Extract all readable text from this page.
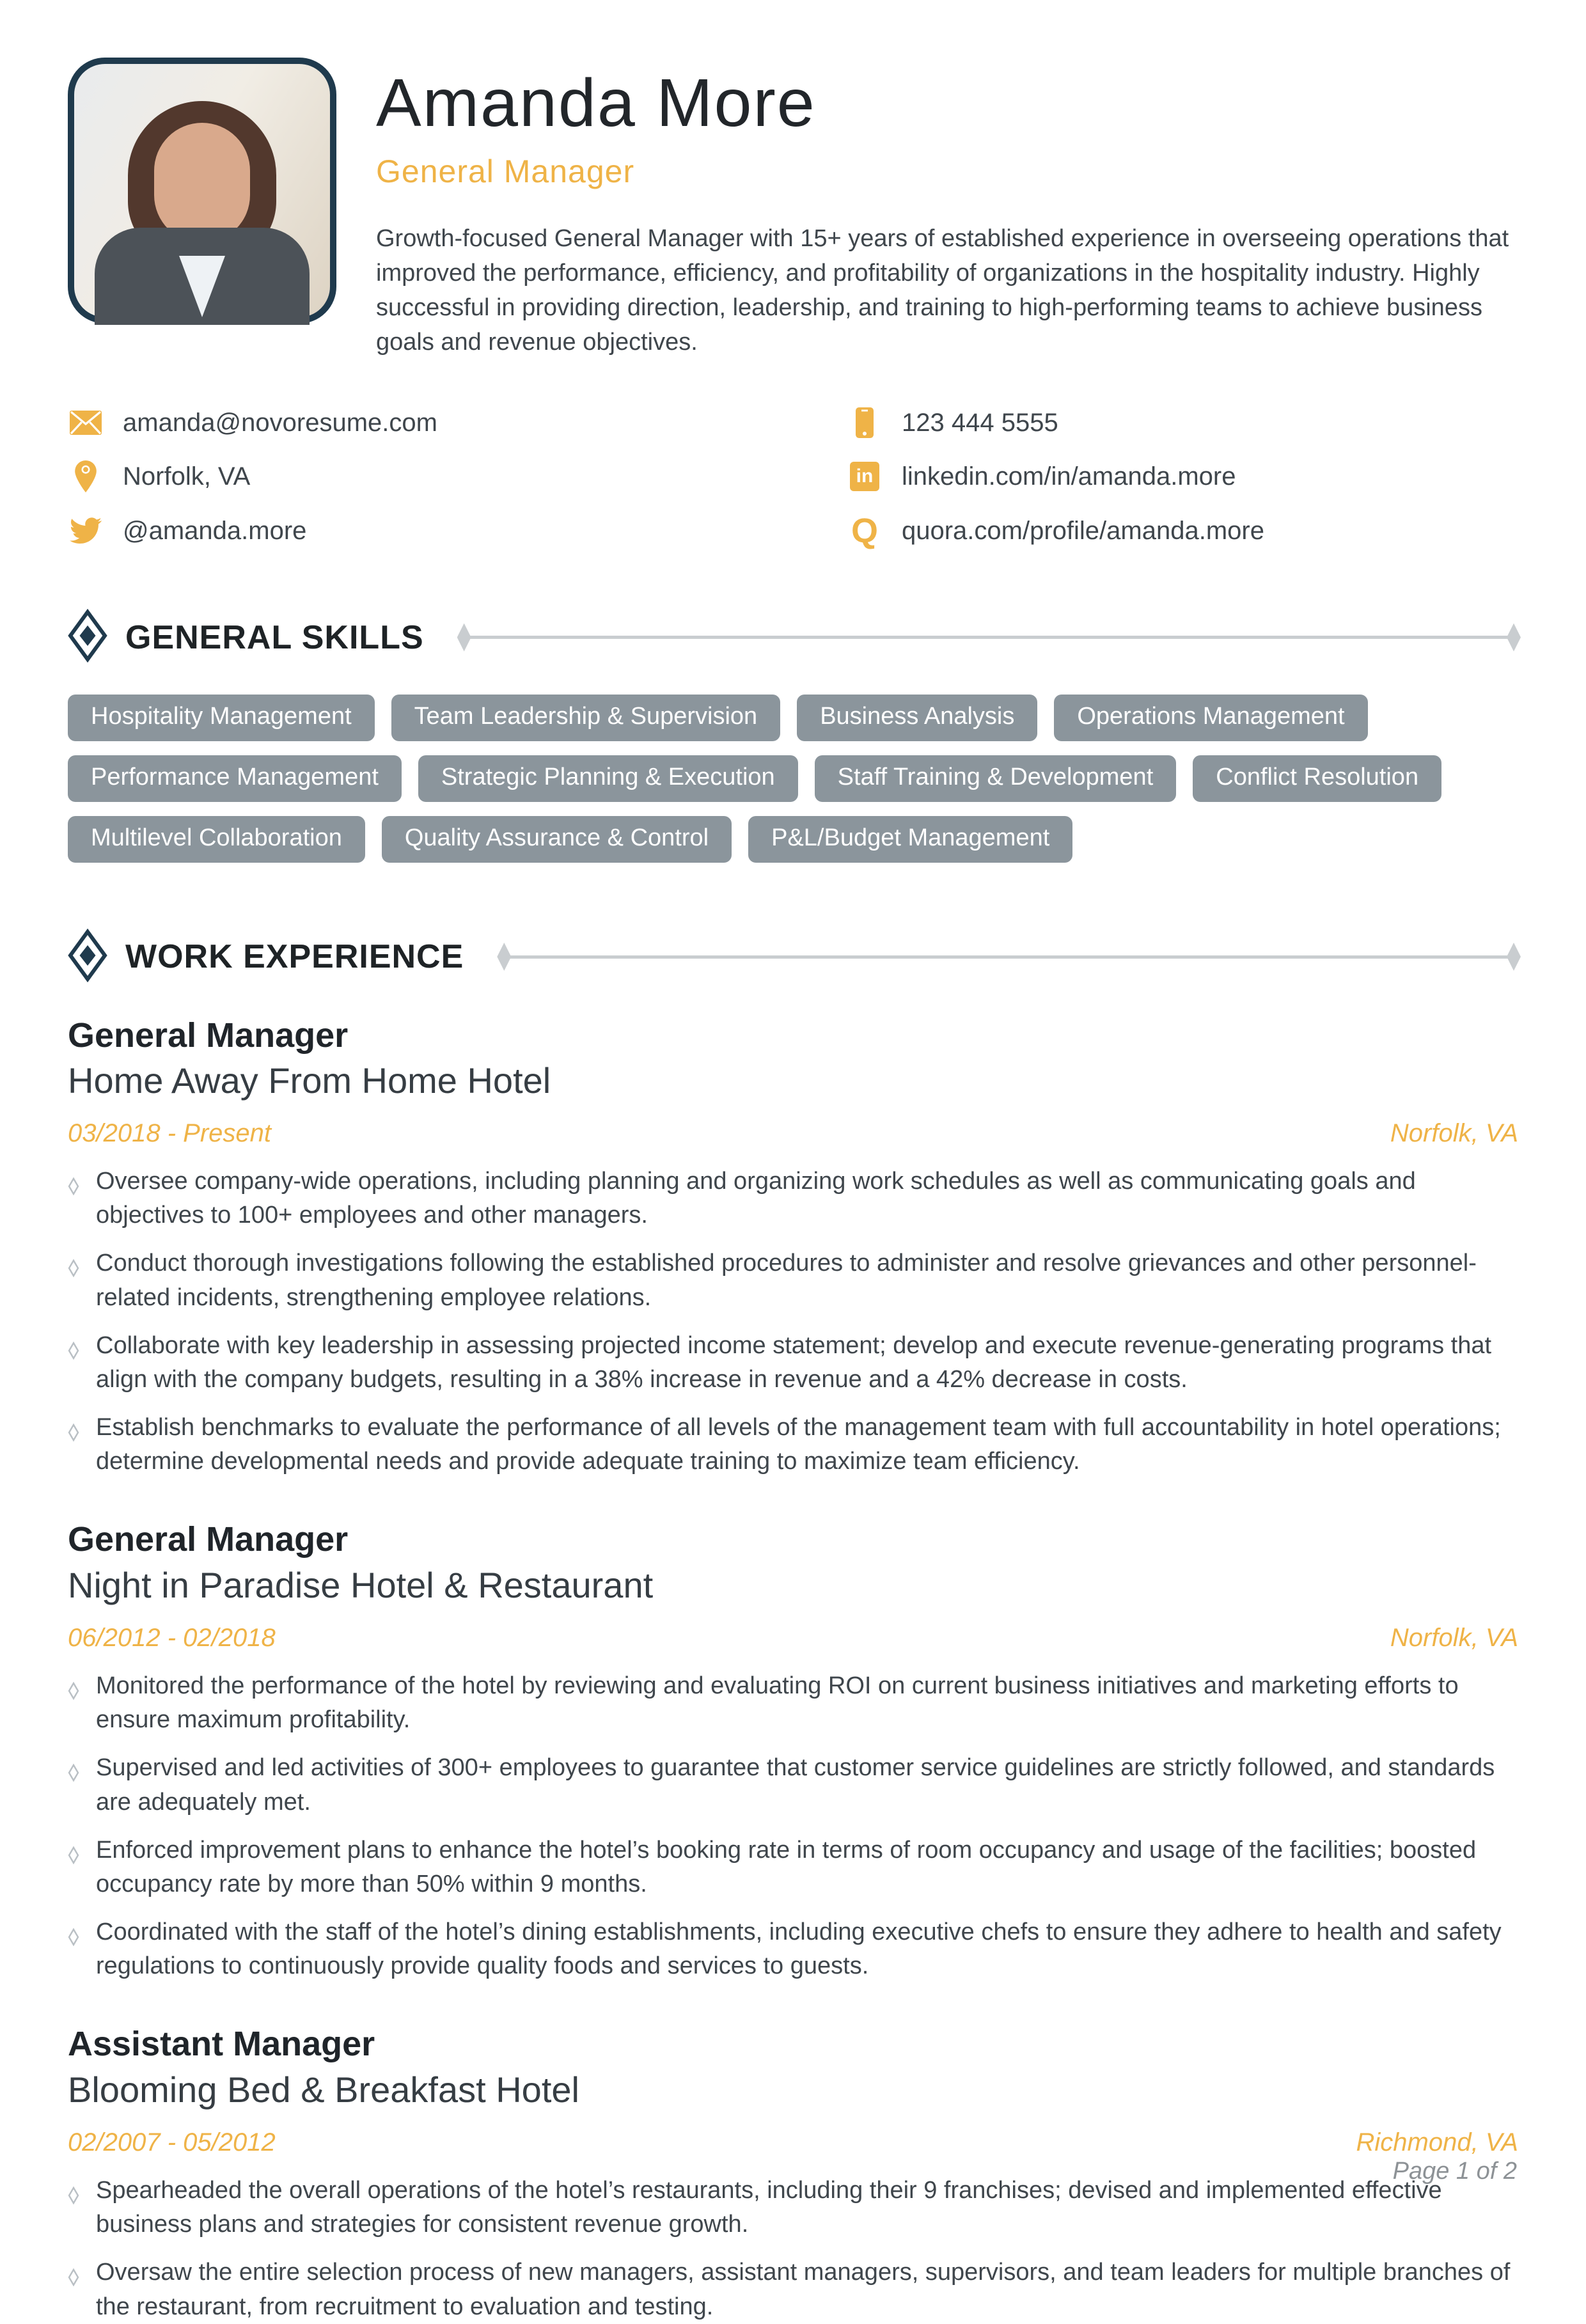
Amanda More
General Manager

Growth-focused General Manager with 15+ years of established experience in overseeing operations that improved the performance, efficiency, and profitability of organizations in the hospitality industry. Highly successful in providing direction, leadership, and training to high-performing teams to achieve business goals and revenue objectives.

amanda@novoresume.com	123 444 5555
Norfolk, VA	in linkedin.com/in/amanda.more
@amanda.more	Q quora.com/profile/amanda.more
GENERAL SKILLS
Hospitality Management	Team Leadership & Supervision	Business Analysis	Operations Management
Performance Management	Strategic Planning & Execution	Staff Training & Development	Conflict Resolution
Multilevel Collaboration	Quality Assurance & Control	P&L/Budget Management
WORK EXPERIENCE
General Manager
Home Away From Home Hotel
03/2018 - Present	Norfolk, VA
Oversee company-wide operations, including planning and organizing work schedules as well as communicating goals and objectives to 100+ employees and other managers.
Conduct thorough investigations following the established procedures to administer and resolve grievances and other personnel-related incidents, strengthening employee relations.
Collaborate with key leadership in assessing projected income statement; develop and execute revenue-generating programs that align with the company budgets, resulting in a 38% increase in revenue and a 42% decrease in costs.
Establish benchmarks to evaluate the performance of all levels of the management team with full accountability in hotel operations; determine developmental needs and provide adequate training to maximize team efficiency.
General Manager
Night in Paradise Hotel & Restaurant
06/2012 - 02/2018	Norfolk, VA
Monitored the performance of the hotel by reviewing and evaluating ROI on current business initiatives and marketing efforts to ensure maximum profitability.
Supervised and led activities of 300+ employees to guarantee that customer service guidelines are strictly followed, and standards are adequately met.
Enforced improvement plans to enhance the hotel’s booking rate in terms of room occupancy and usage of the facilities; boosted occupancy rate by more than 50% within 9 months.
Coordinated with the staff of the hotel’s dining establishments, including executive chefs to ensure they adhere to health and safety regulations to continuously provide quality foods and services to guests.
Assistant Manager
Blooming Bed & Breakfast Hotel
02/2007 - 05/2012	Richmond, VA
Spearheaded the overall operations of the hotel’s restaurants, including their 9 franchises; devised and implemented effective business plans and strategies for consistent revenue growth.
Oversaw the entire selection process of new managers, assistant managers, supervisors, and team leaders for multiple branches of the restaurant, from recruitment to evaluation and testing.
Page 1 of 2
